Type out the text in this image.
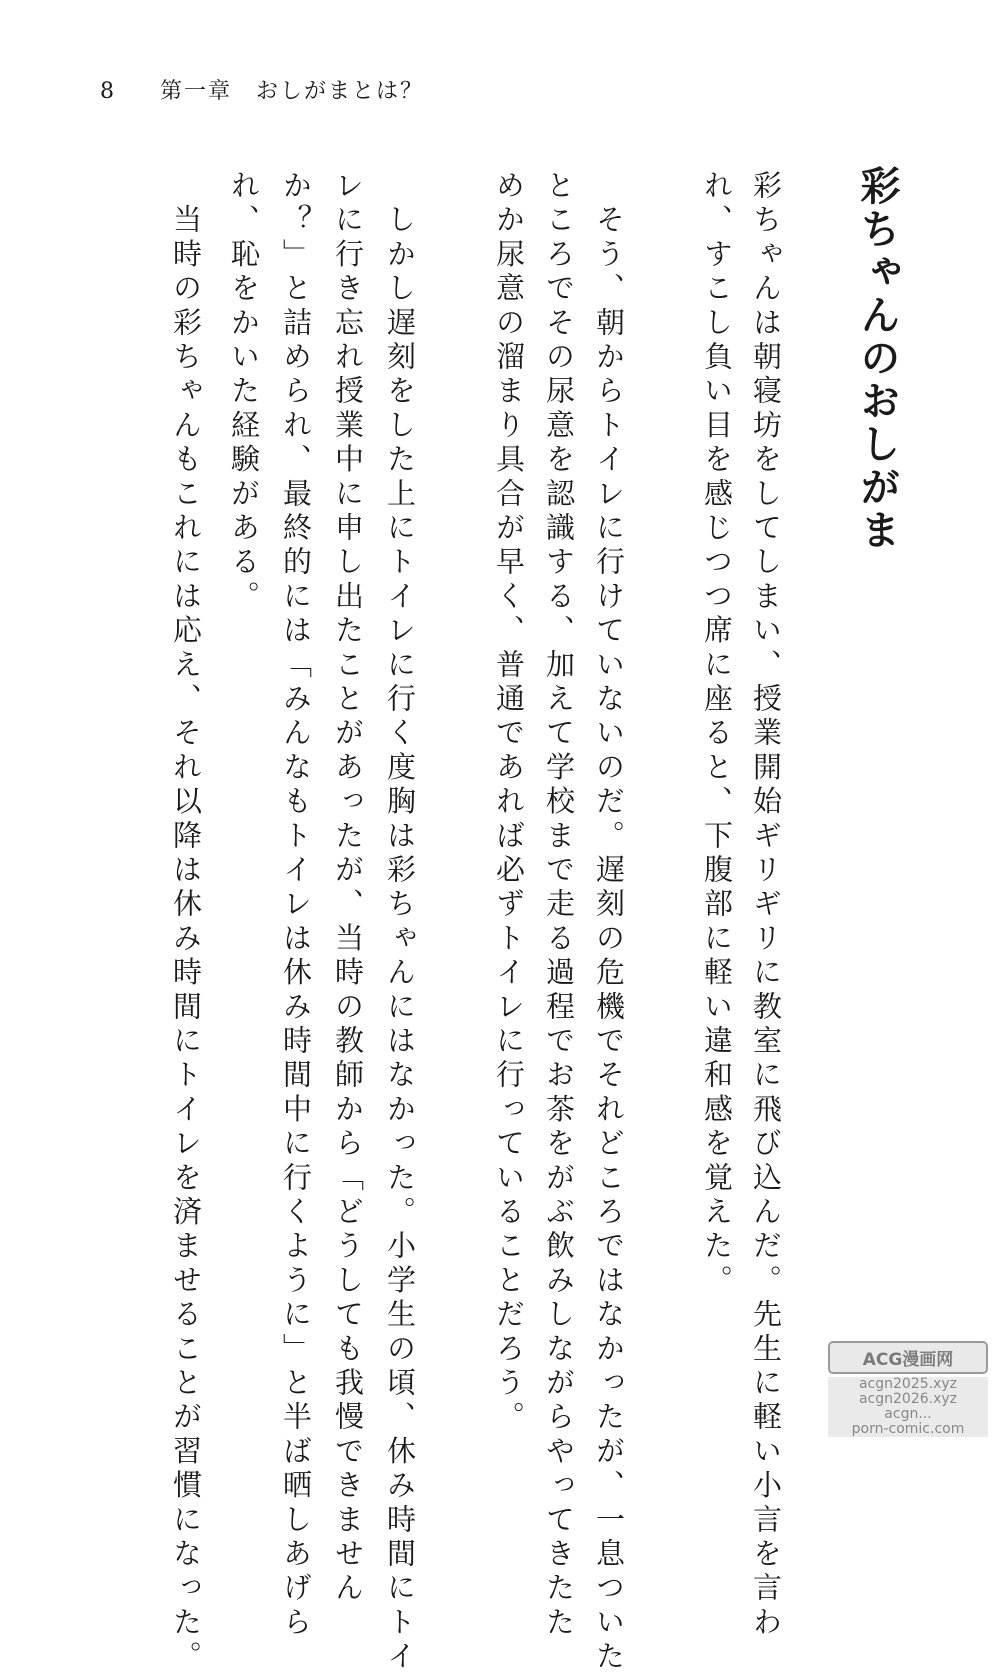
8 第一章　おしがまとは？
彩ちゃんのおしがま
彩ちゃんは朝寝坊をしてしまい、授業開始ギリギリに教室に飛び込んだ。先生に軽い小言を言わ
れ、すこし負い目を感じつつ席に座ると、下腹部に軽い違和感を覚えた。
　そう、朝からトイレに行けていないのだ。遅刻の危機でそれどころではなかったが、一息ついた
ところでその尿意を認識する、加えて学校まで走る過程でお茶をがぶ飲みしながらやってきたた
めか尿意の溜まり具合が早く、普通であれば必ずトイレに行っていることだろう。
　しかし遅刻をした上にトイレに行く度胸は彩ちゃんにはなかった。小学生の頃、休み時間にトイ
レに行き忘れ授業中に申し出たことがあったが、当時の教師から「どうしても我慢できません
か？」と詰められ、最終的には「みんなもトイレは休み時間中に行くように」と半ば晒しあげら
れ、恥をかいた経験がある。
　当時の彩ちゃんもこれには応え、それ以降は休み時間にトイレを済ませることが習慣になった。	ACG漫画网
acgn2025.xyz
acgn2026.xyz
acgn...
porn-comic.com
